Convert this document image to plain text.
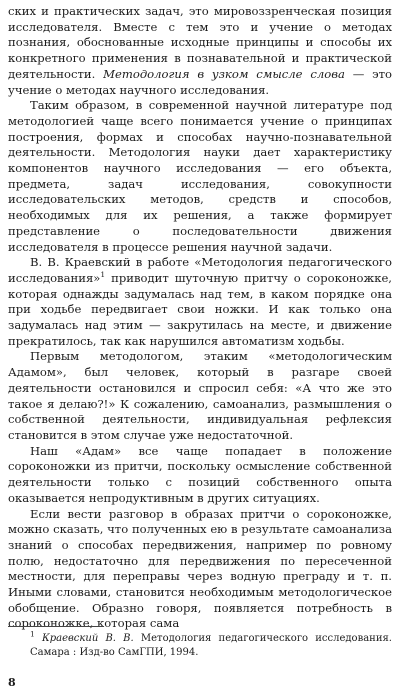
ских и практических задач, это мировоззренческая позиция исследователя. Вместе с тем это и учение о методах познания, обоснованные исходные принципы и способы их конкретного применения в познавательной и практической деятельности. Методология в узком смысле слова — это учение о методах научного исследования.

Таким образом, в современной научной литературе под методологией чаще всего понимается учение о принципах построения, формах и способах научно-познавательной деятельности. Методология науки дает характеристику компонентов научного исследования — его объекта, предмета, задач исследования, совокупности исследовательских методов, средств и способов, необходимых для их решения, а также формирует представление о последовательности движения исследователя в процессе решения научной задачи.

В. В. Краевский в работе «Методология педагогического исследования»$^1$ приводит шуточную притчу о сороконожке, которая однажды задумалась над тем, в каком порядке она при ходьбе передвигает свои ножки. И как только она задумалась над этим — закрутилась на месте, и движение прекратилось, так как нарушился автоматизм ходьбы.

Первым методологом, этаким «методологическим Адамом», был человек, который в разгаре своей деятельности остановился и спросил себя: «А что же это такое я делаю?!» К сожалению, самоанализ, размышления о собственной деятельности, индивидуальная рефлексия становится в этом случае уже недостаточной.

Наш «Адам» все чаще попадает в положение сороконожки из притчи, поскольку осмысление собственной деятельности только с позиций собственного опыта оказывается непродуктивным в других ситуациях.

Если вести разговор в образах притчи о сороконожке, можно сказать, что полученных ею в результате самоанализа знаний о способах передвижения, например по ровному полю, недостаточно для передвижения по пересеченной местности, для переправы через водную преграду и т. п. Иными словами, становится необходимым методологическое обобщение. Образно говоря, появляется потребность в сороконожке, которая сама

$^1$ Краевский В. В. Методология педагогического исследования. Самара : Изд-во СамГПИ, 1994.
8
